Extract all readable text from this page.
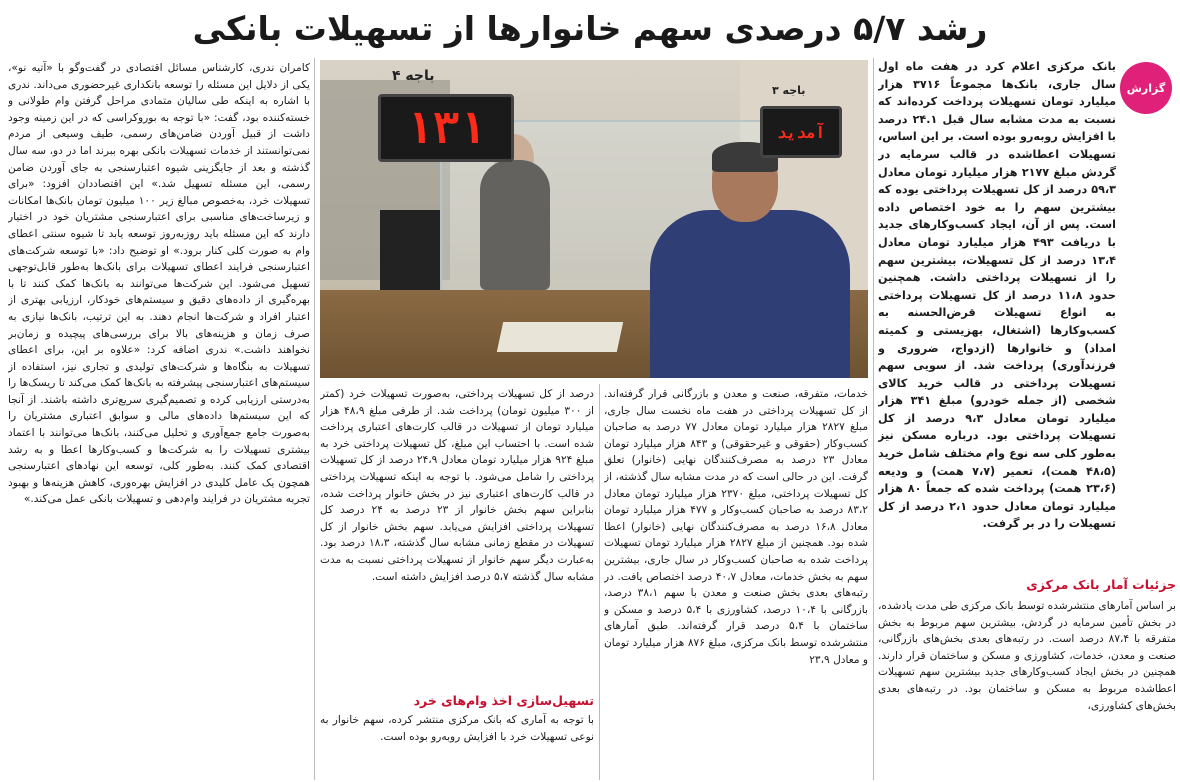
رشد ۵/۷ درصدی سهم خانوارها از تسهیلات بانکی
گزارش

بانک مرکزی اعلام کرد در هفت ماه اول سال جاری، بانک‌ها مجموعاً ۳۷۱۶ هزار میلیارد تومان تسهیلات پرداخت کرده‌اند که نسبت به مدت مشابه سال قبل ۲۴.۱ درصد با افزایش روبه‌رو بوده است. بر این اساس، تسهیلات اعطاشده در قالب سرمایه در گردش مبلغ ۲۱۷۷ هزار میلیارد تومان معادل ۵۹،۳ درصد از کل تسهیلات پرداختی بوده که بیشترین سهم را به خود اختصاص داده است. پس از آن، ایجاد کسب‌وکارهای جدید با دریافت ۴۹۳ هزار میلیارد تومان معادل ۱۳،۴ درصد از کل تسهیلات، بیشترین سهم را از تسهیلات پرداختی داشت. همچنین حدود ۱۱،۸ درصد از کل تسهیلات پرداختی به انواع تسهیلات قرض‌الحسنه به کسب‌وکارها (اشتغال، بهزیستی و کمیته امداد) و خانوارها (ازدواج، ضروری و فرزندآوری) پرداخت شد. از سویی سهم تسهیلات پرداختی در قالب خرید کالای شخصی (از جمله خودرو) مبلغ ۳۴۱ هزار میلیارد تومان معادل ۹،۳ درصد از کل تسهیلات پرداختی بود. درباره مسکن نیز به‌طور کلی سه نوع وام مختلف شامل خرید (۴۸،۵ همت)، تعمیر (۷،۷ همت) و ودیعه (۲۳،۶ همت) پرداخت شده که جمعاً ۸۰ هزار میلیارد تومان معادل حدود ۲،۱ درصد از کل تسهیلات را در بر گرفت.

جزئیات آمار بانک مرکزی

بر اساس آمارهای منتشرشده توسط بانک مرکزی طی مدت یادشده، در بخش تأمین سرمایه در گردش، بیشترین سهم مربوط به بخش متفرقه با ۸۷،۴ درصد است. در رتبه‌های بعدی بخش‌های بازرگانی، صنعت و معدن، خدمات، کشاورزی و مسکن و ساختمان قرار دارند. همچنین در بخش ایجاد کسب‌وکارهای جدید بیشترین سهم تسهیلات اعطاشده مربوط به مسکن و ساختمان بود. در رتبه‌های بعدی بخش‌های کشاورزی،

باجه ۴
باجه ۳
۱۳۱	آمدید

خدمات، متفرقه، صنعت و معدن و بازرگانی قرار گرفته‌اند. از کل تسهیلات پرداختی در هفت ماه نخست سال جاری، مبلغ ۲۸۲۷ هزار میلیارد تومان معادل ۷۷ درصد به صاحبان کسب‌وکار (حقوقی و غیرحقوقی) و ۸۴۳ هزار میلیارد تومان معادل ۲۳ درصد به مصرف‌کنندگان نهایی (خانوار) تعلق گرفت. این در حالی است که در مدت مشابه سال گذشته، از کل تسهیلات پرداختی، مبلغ ۲۳۷۰ هزار میلیارد تومان معادل ۸۳،۲ درصد به صاحبان کسب‌وکار و ۴۷۷ هزار میلیارد تومان معادل ۱۶،۸ درصد به مصرف‌کنندگان نهایی (خانوار) اعطا شده بود. همچنین از مبلغ ۲۸۲۷ هزار میلیارد تومان تسهیلات پرداخت شده به صاحبان کسب‌وکار در سال جاری، بیشترین سهم به بخش خدمات، معادل ۴۰،۷ درصد اختصاص یافت. در رتبه‌های بعدی بخش صنعت و معدن با سهم ۳۸،۱ درصد، بازرگانی با ۱۰،۴ درصد، کشاورزی با ۵،۴ درصد و مسکن و ساختمان با ۵،۴ درصد قرار گرفته‌اند. طبق آمارهای منتشرشده توسط بانک مرکزی، مبلغ ۸۷۶ هزار میلیارد تومان و معادل ۲۳،۹

درصد از کل تسهیلات پرداختی، به‌صورت تسهیلات خرد (کمتر از ۳۰۰ میلیون تومان) پرداخت شد. از طرفی مبلغ ۴۸،۹ هزار میلیارد تومان از تسهیلات در قالب کارت‌های اعتباری پرداخت شده است. با احتساب این مبلغ، کل تسهیلات پرداختی خرد به مبلغ ۹۲۴ هزار میلیارد تومان معادل ۲۴،۹ درصد از کل تسهیلات پرداختی را شامل می‌شود. با توجه به اینکه تسهیلات پرداختی در قالب کارت‌های اعتباری نیز در بخش خانوار پرداخت شده، بنابراین سهم بخش خانوار از ۲۳ درصد به ۲۴ درصد کل تسهیلات پرداختی افزایش می‌یابد. سهم بخش خانوار از کل تسهیلات در مقطع زمانی مشابه سال گذشته، ۱۸،۳ درصد بود. به‌عبارت دیگر سهم خانوار از تسهیلات پرداختی نسبت به مدت مشابه سال گذشته ۵،۷ درصد افزایش داشته است.

تسهیل‌سازی اخذ وام‌های خرد

با توجه به آماری که بانک مرکزی منتشر کرده، سهم خانوار به نوعی تسهیلات خرد با افزایش روبه‌رو بوده است.

کامران ندری، کارشناس مسائل اقتصادی در گفت‌وگو با «آتیه نو»، یکی از دلایل این مسئله را توسعه بانکداری غیرحضوری می‌داند. ندری با اشاره به اینکه طی سالیان متمادی مراحل گرفتن وام طولانی و خسته‌کننده بود، گفت: «با توجه به بوروکراسی که در این زمینه وجود داشت از قبیل آوردن ضامن‌های رسمی، طیف وسیعی از مردم نمی‌توانستند از خدمات تسهیلات بانکی بهره ببرند اما در دو، سه سال گذشته و بعد از جایگزینی شیوه اعتبارسنجی به جای آوردن ضامن رسمی، این مسئله تسهیل شد.» این اقتصاددان افزود: «برای تسهیلات خرد، به‌خصوص مبالغ زیر ۱۰۰ میلیون تومان بانک‌ها امکانات و زیرساخت‌های مناسبی برای اعتبارسنجی مشتریان خود در اختیار دارند که این مسئله باید روزبه‌روز توسعه یابد تا شیوه سنتی اعطای وام به صورت کلی کنار برود.» او توضیح داد: «با توسعه شرکت‌های اعتبارسنجی فرایند اعطای تسهیلات برای بانک‌ها به‌طور قابل‌توجهی تسهیل می‌شود. این شرکت‌ها می‌توانند به بانک‌ها کمک کنند تا با بهره‌گیری از داده‌های دقیق و سیستم‌های خودکار، ارزیابی بهتری از اعتبار افراد و شرکت‌ها انجام دهند. به این ترتیب، بانک‌ها نیازی به صرف زمان و هزینه‌های بالا برای بررسی‌های پیچیده و زمان‌بر نخواهند داشت.» ندری اضافه کرد: «علاوه بر این، برای اعطای تسهیلات به بنگاه‌ها و شرکت‌های تولیدی و تجاری نیز، استفاده از سیستم‌های اعتبارسنجی پیشرفته به بانک‌ها کمک می‌کند تا ریسک‌ها را به‌درستی ارزیابی کرده و تصمیم‌گیری سریع‌تری داشته باشند. از آنجا که این سیستم‌ها داده‌های مالی و سوابق اعتباری مشتریان را به‌صورت جامع جمع‌آوری و تحلیل می‌کنند، بانک‌ها می‌توانند با اعتماد بیشتری تسهیلات را به شرکت‌ها و کسب‌وکارها اعطا و به رشد اقتصادی کمک کنند. به‌طور کلی، توسعه این نهادهای اعتبارسنجی همچون یک عامل کلیدی در افزایش بهره‌وری، کاهش هزینه‌ها و بهبود تجربه مشتریان در فرایند وام‌دهی و تسهیلات بانکی عمل می‌کند.»
